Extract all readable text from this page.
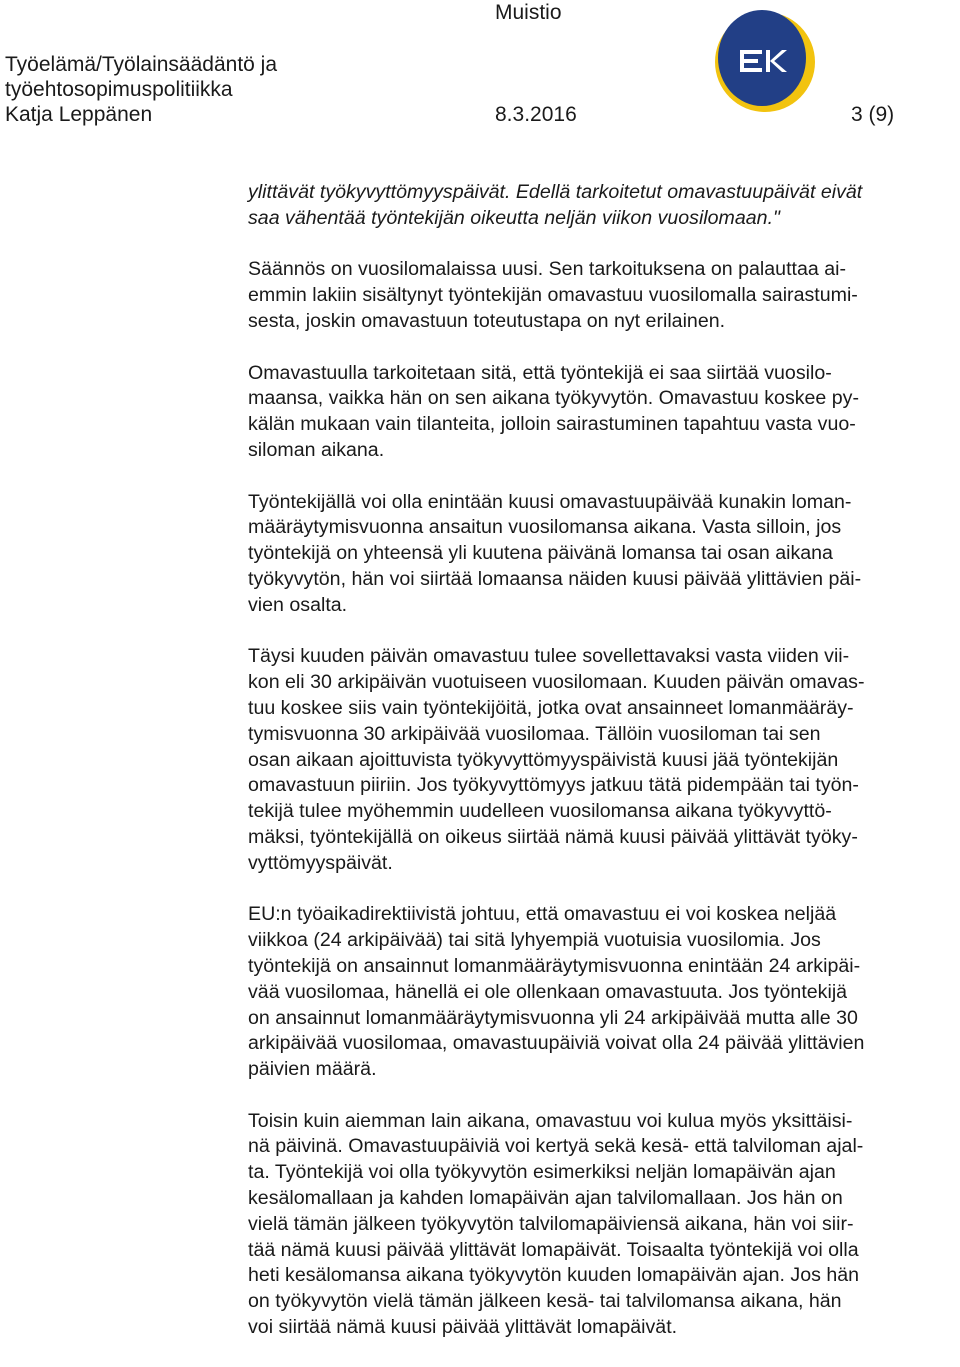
Muistio
Työelämä/Työlainsäädäntö ja
työehtosopimuspolitiikka
Katja Leppänen	8.3.2016	3 (9)

ylittävät työkyvyttömyyspäivät. Edellä tarkoitetut omavastuupäivät eivät
saa vähentää työntekijän oikeutta neljän viikon vuosilomaan."

Säännös on vuosilomalaissa uusi. Sen tarkoituksena on palauttaa ai-
emmin lakiin sisältynyt työntekijän omavastuu vuosilomalla sairastumi-
sesta, joskin omavastuun toteutustapa on nyt erilainen.

Omavastuulla tarkoitetaan sitä, että työntekijä ei saa siirtää vuosilo-
maansa, vaikka hän on sen aikana työkyvytön. Omavastuu koskee py-
kälän mukaan vain tilanteita, jolloin sairastuminen tapahtuu vasta vuo-
siloman aikana.

Työntekijällä voi olla enintään kuusi omavastuupäivää kunakin loman-
määräytymisvuonna ansaitun vuosilomansa aikana. Vasta silloin, jos
työntekijä on yhteensä yli kuutena päivänä lomansa tai osan aikana
työkyvytön, hän voi siirtää lomaansa näiden kuusi päivää ylittävien päi-
vien osalta.

Täysi kuuden päivän omavastuu tulee sovellettavaksi vasta viiden vii-
kon eli 30 arkipäivän vuotuiseen vuosilomaan. Kuuden päivän omavas-
tuu koskee siis vain työntekijöitä, jotka ovat ansainneet lomanmääräy-
tymisvuonna 30 arkipäivää vuosilomaa. Tällöin vuosiloman tai sen
osan aikaan ajoittuvista työkyvyttömyyspäivistä kuusi jää työntekijän
omavastuun piiriin. Jos työkyvyttömyys jatkuu tätä pidempään tai työn-
tekijä tulee myöhemmin uudelleen vuosilomansa aikana työkyvyttö-
mäksi, työntekijällä on oikeus siirtää nämä kuusi päivää ylittävät työky-
vyttömyyspäivät.

EU:n työaikadirektiivistä johtuu, että omavastuu ei voi koskea neljää
viikkoa (24 arkipäivää) tai sitä lyhyempiä vuotuisia vuosilomia. Jos
työntekijä on ansainnut lomanmääräytymisvuonna enintään 24 arkipäi-
vää vuosilomaa, hänellä ei ole ollenkaan omavastuuta. Jos työntekijä
on ansainnut lomanmääräytymisvuonna yli 24 arkipäivää mutta alle 30
arkipäivää vuosilomaa, omavastuupäiviä voivat olla 24 päivää ylittävien
päivien määrä.

Toisin kuin aiemman lain aikana, omavastuu voi kulua myös yksittäisi-
nä päivinä. Omavastuupäiviä voi kertyä sekä kesä- että talviloman ajal-
ta. Työntekijä voi olla työkyvytön esimerkiksi neljän lomapäivän ajan
kesälomallaan ja kahden lomapäivän ajan talvilomallaan. Jos hän on
vielä tämän jälkeen työkyvytön talvilomapäiviensä aikana, hän voi siir-
tää nämä kuusi päivää ylittävät lomapäivät. Toisaalta työntekijä voi olla
heti kesälomansa aikana työkyvytön kuuden lomapäivän ajan. Jos hän
on työkyvytön vielä tämän jälkeen kesä- tai talvilomansa aikana, hän
voi siirtää nämä kuusi päivää ylittävät lomapäivät.
